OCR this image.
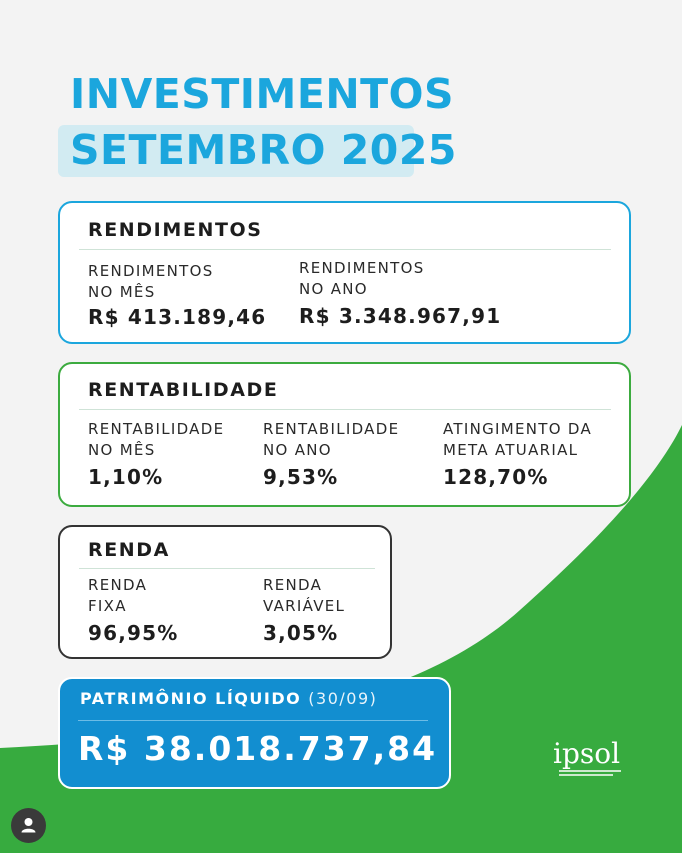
INVESTIMENTOS
SETEMBRO 2025
RENDIMENTOS
RENDIMENTOS
NO MÊS
R$ 413.189,46
RENDIMENTOS
NO ANO
R$ 3.348.967,91
RENTABILIDADE
RENTABILIDADE
NO MÊS
1,10%
RENTABILIDADE
NO ANO
9,53%
ATINGIMENTO DA
META ATUARIAL
128,70%
RENDA
RENDA
FIXA
96,95%
RENDA
VARIÁVEL
3,05%
PATRIMÔNIO LÍQUIDO (30/09)
R$ 38.018.737,84	ipsol
